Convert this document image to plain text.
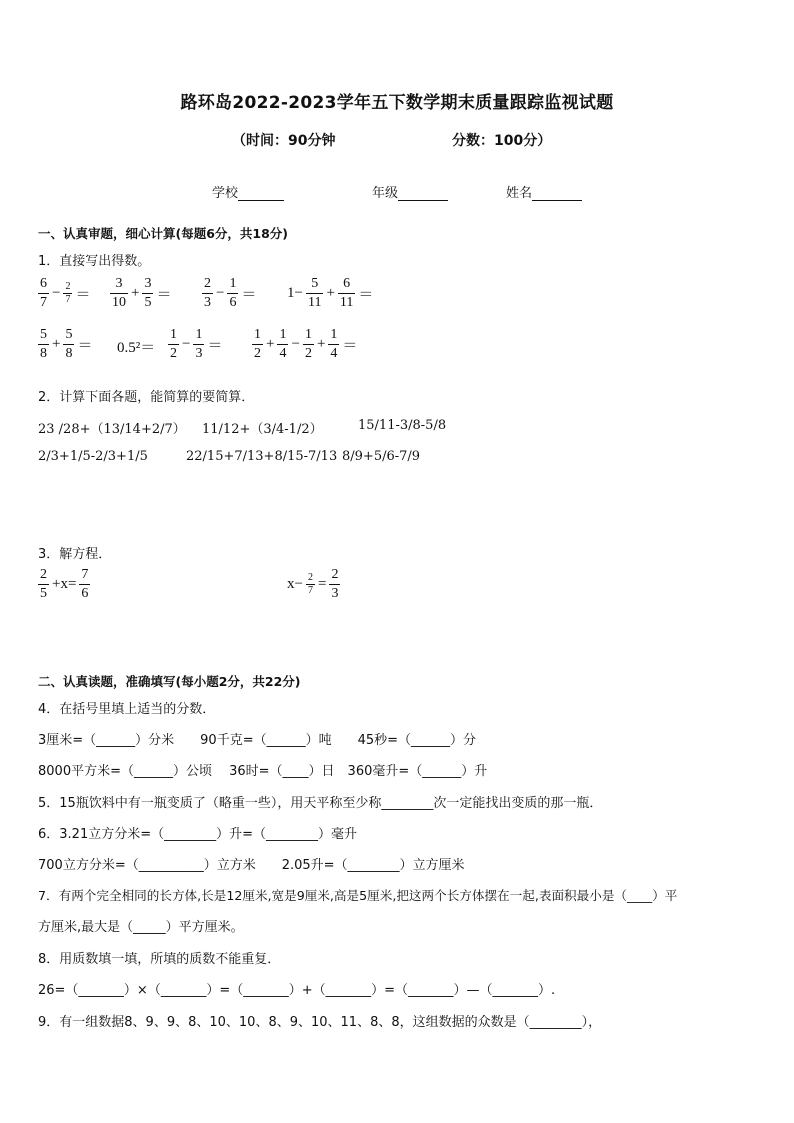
路环岛2022-2023学年五下数学期末质量跟踪监视试题
（时间：90分钟	分数：100分）
学校	年级	姓名
一、认真审题，细心计算(每题6分，共18分)
1．直接写出得数。
$\frac{6}{7} - \frac{2}{7} = \frac{3}{10} + \frac{3}{5} = \frac{2}{3} - \frac{1}{6} = 1- \frac{5}{11} + \frac{6}{11}$ ＝
$\frac{5}{8} + \frac{5}{8} = 0.5^2= \frac{1}{2} - \frac{1}{3} = \frac{1}{2} + \frac{1}{4} - \frac{1}{2} + \frac{1}{4}$ ＝
2．计算下面各题，能简算的要简算．
23 /28+（13/14+2/7） 11/12+（3/4-1/2）	15/11-3/8-5/8
2/3+1/5-2/3+1/5	22/15+7/13+8/15-7/13 8/9+5/6-7/9
3．解方程．
$\frac{2}{5} +x= \frac{7}{6}$	$x- \frac{2}{7} = \frac{2}{3}$
二、认真读题，准确填写(每小题2分，共22分)
4．在括号里填上适当的分数．
3厘米=（______）分米　　90千克=（______）吨　　45秒=（______）分
8000平方米=（______）公顷　 36时=（____）日　360毫升=（______）升
5．15瓶饮料中有一瓶变质了（略重一些），用天平称至少称________次一定能找出变质的那一瓶．
6．3.21立方分米=（________）升=（________）毫升
700立方分米=（__________）立方米　　2.05升=（________）立方厘米
7．有两个完全相同的长方体,长是12厘米,宽是9厘米,高是5厘米,把这两个长方体摆在一起,表面积最小是（____）平
方厘米,最大是（_____）平方厘米。
8．用质数填一填，所填的质数不能重复．
26=（_______）×（_______）=（_______）+（_______）=（_______）—（_______）.
9．有一组数据8、9、9、8、10、10、8、9、10、11、8、8，这组数据的众数是（________），
